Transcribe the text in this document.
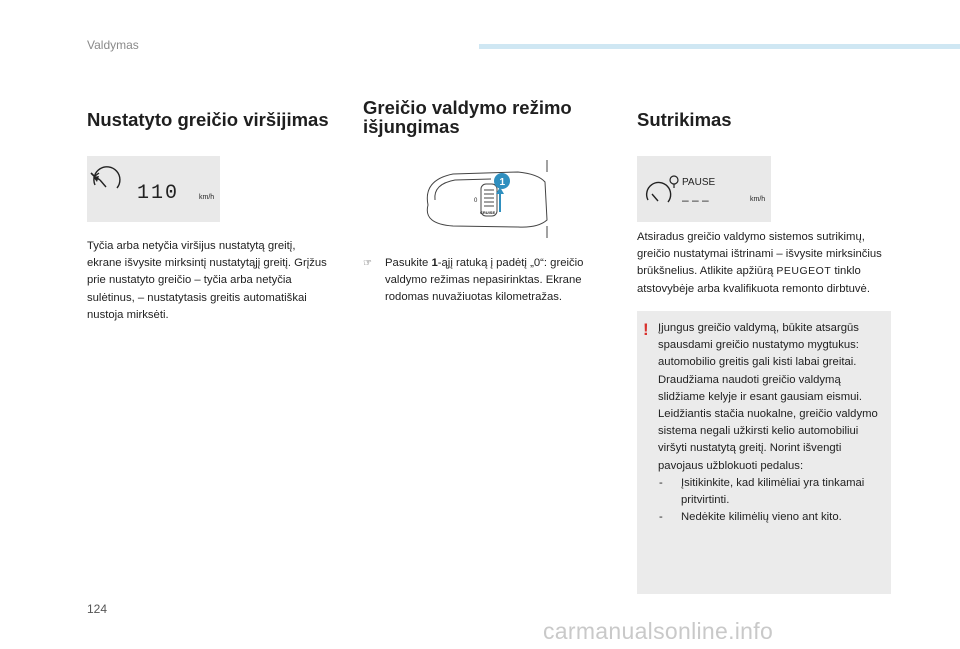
Valdymas
Nustatyto greičio viršijimas
110	km/h

Tyčia arba netyčia viršijus nustatytą greitį, ekrane išvysite mirksintį nustatytąjį greitį. Grįžus prie nustatyto greičio – tyčia arba netyčia sulėtinus, – nustatytasis greitis automatiškai nustoja mirksėti.

Greičio valdymo režimo
išjungimas
0
CRUISE
1
☞ Pasukite 1-ąjį ratuką į padėtį „0“: greičio valdymo režimas nepasirinktas. Ekrane rodomas nuvažiuotas kilometražas.
Sutrikimas
PAUSE
– – –	km/h

Atsiradus greičio valdymo sistemos sutrikimų, greičio nustatymai ištrinami – išvysite mirksinčius brūkšnelius. Atlikite apžiūrą PEUGEOT tinklo atstovybėje arba kvalifikuota remonto dirbtuvė.

! Įjungus greičio valdymą, būkite atsargūs spausdami greičio nustatymo mygtukus: automobilio greitis gali kisti labai greitai. Draudžiama naudoti greičio valdymą slidžiame kelyje ir esant gausiam eismui. Leidžiantis stačia nuokalne, greičio valdymo sistema negali užkirsti kelio automobiliui viršyti nustatytą greitį. Norint išvengti pavojaus užblokuoti pedalus:
- Įsitikinkite, kad kilimėliai yra tinkamai pritvirtinti.
- Nedėkite kilimėlių vieno ant kito.
124
carmanualsonline.info
